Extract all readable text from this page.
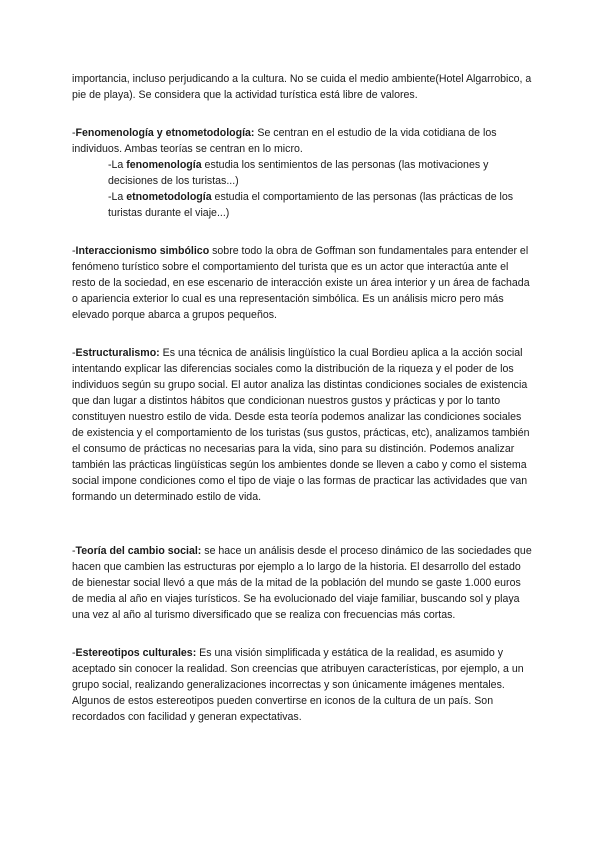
importancia, incluso perjudicando a la cultura. No se cuida el medio ambiente(Hotel Algarrobico, a pie de playa). Se considera que la actividad turística está libre de valores.

-Fenomenología y etnometodología: Se centran en el estudio de la vida cotidiana de los individuos. Ambas teorías se centran en lo micro.

-La fenomenología estudia los sentimientos de las personas (las motivaciones y decisiones de los turistas...)

-La etnometodología estudia el comportamiento de las personas (las prácticas de los turistas durante el viaje...)

-Interaccionismo simbólico sobre todo la obra de Goffman son fundamentales para entender el fenómeno turístico sobre el comportamiento del turista que es un actor que interactúa ante el resto de la sociedad, en ese escenario de interacción existe un área interior y un área de fachada o apariencia exterior lo cual es una representación simbólica. Es un análisis micro pero más elevado porque abarca a grupos pequeños.

-Estructuralismo: Es una técnica de análisis lingüístico la cual Bordieu aplica a la acción social intentando explicar las diferencias sociales como la distribución de la riqueza y el poder de los individuos según su grupo social. El autor analiza las distintas condiciones sociales de existencia que dan lugar a distintos hábitos que condicionan nuestros gustos y prácticas y por lo tanto constituyen nuestro estilo de vida. Desde esta teoría podemos analizar las condiciones sociales de existencia y el comportamiento de los turistas (sus gustos, prácticas, etc), analizamos también el consumo de prácticas no necesarias para la vida, sino para su distinción. Podemos analizar también las prácticas lingüísticas según los ambientes donde se lleven a cabo y como el sistema social impone condiciones como el tipo de viaje o las formas de practicar las actividades que van formando un determinado estilo de vida.

-Teoría del cambio social: se hace un análisis desde el proceso dinámico de las sociedades que hacen que cambien las estructuras por ejemplo a lo largo de la historia. El desarrollo del estado de bienestar social llevó a que más de la mitad de la población del mundo se gaste 1.000 euros de media al año en viajes turísticos. Se ha evolucionado del viaje familiar, buscando sol y playa una vez al año al turismo diversificado que se realiza con frecuencias más cortas.

-Estereotipos culturales: Es una visión simplificada y estática de la realidad, es asumido y aceptado sin conocer la realidad. Son creencias que atribuyen características, por ejemplo, a un grupo social, realizando generalizaciones incorrectas y son únicamente imágenes mentales. Algunos de estos estereotipos pueden convertirse en iconos de la cultura de un país. Son recordados con facilidad y generan expectativas.
